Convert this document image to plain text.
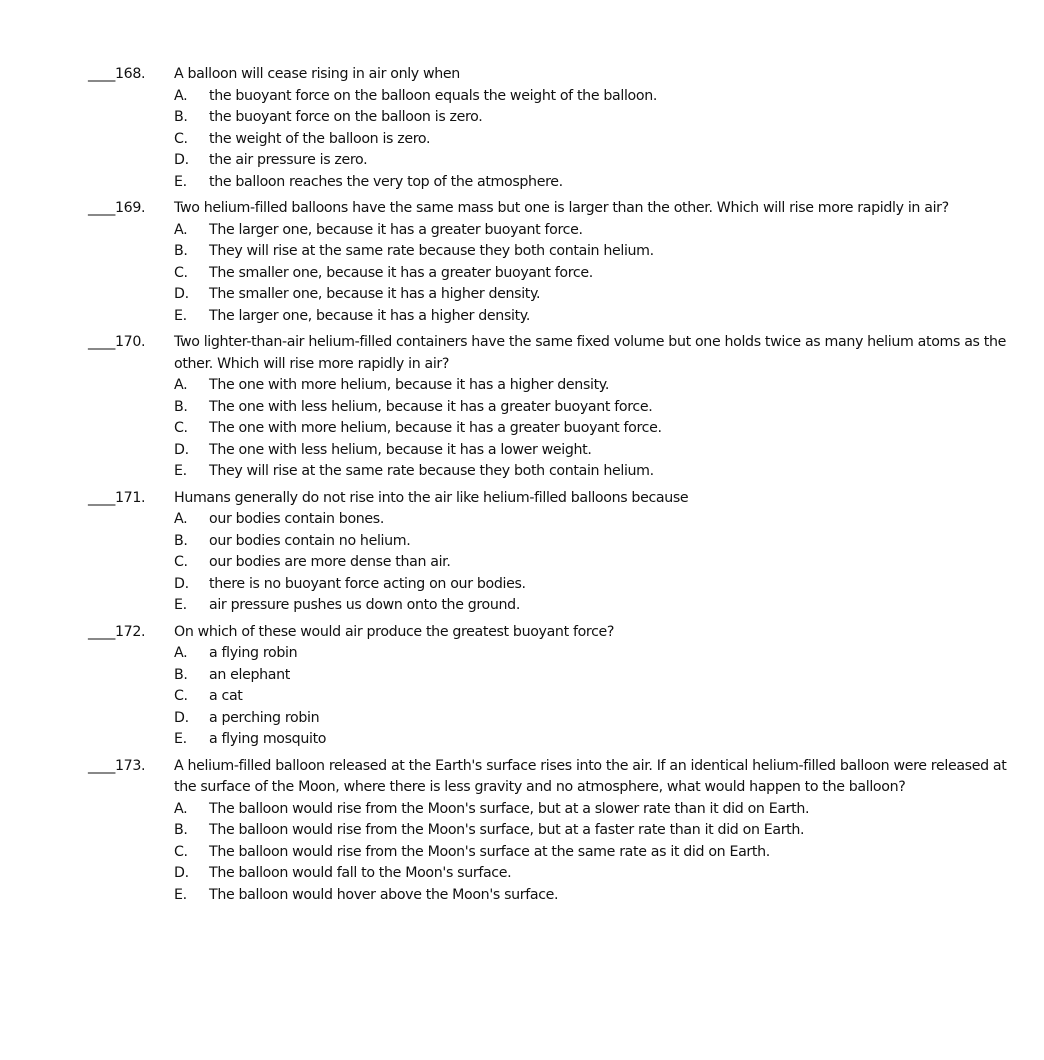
____168.	A balloon will cease rising in air only when
A. the buoyant force on the balloon equals the weight of the balloon.
B. the buoyant force on the balloon is zero.
C. the weight of the balloon is zero.
D. the air pressure is zero.
E. the balloon reaches the very top of the atmosphere.
____169.	Two helium-filled balloons have the same mass but one is larger than the other. Which will rise more rapidly in air?
A. The larger one, because it has a greater buoyant force.
B. They will rise at the same rate because they both contain helium.
C. The smaller one, because it has a greater buoyant force.
D. The smaller one, because it has a higher density.
E. The larger one, because it has a higher density.
____170.	Two lighter-than-air helium-filled containers have the same fixed volume but one holds twice as many helium atoms as the other. Which will rise more rapidly in air?
A. The one with more helium, because it has a higher density.
B. The one with less helium, because it has a greater buoyant force.
C. The one with more helium, because it has a greater buoyant force.
D. The one with less helium, because it has a lower weight.
E. They will rise at the same rate because they both contain helium.
____171.	Humans generally do not rise into the air like helium-filled balloons because
A. our bodies contain bones.
B. our bodies contain no helium.
C. our bodies are more dense than air.
D. there is no buoyant force acting on our bodies.
E. air pressure pushes us down onto the ground.
____172.	On which of these would air produce the greatest buoyant force?
A. a flying robin
B. an elephant
C. a cat
D. a perching robin
E. a flying mosquito
____173.	A helium-filled balloon released at the Earth's surface rises into the air. If an identical helium-filled balloon were released at the surface of the Moon, where there is less gravity and no atmosphere, what would happen to the balloon?
A. The balloon would rise from the Moon's surface, but at a slower rate than it did on Earth.
B. The balloon would rise from the Moon's surface, but at a faster rate than it did on Earth.
C. The balloon would rise from the Moon's surface at the same rate as it did on Earth.
D. The balloon would fall to the Moon's surface.
E. The balloon would hover above the Moon's surface.
